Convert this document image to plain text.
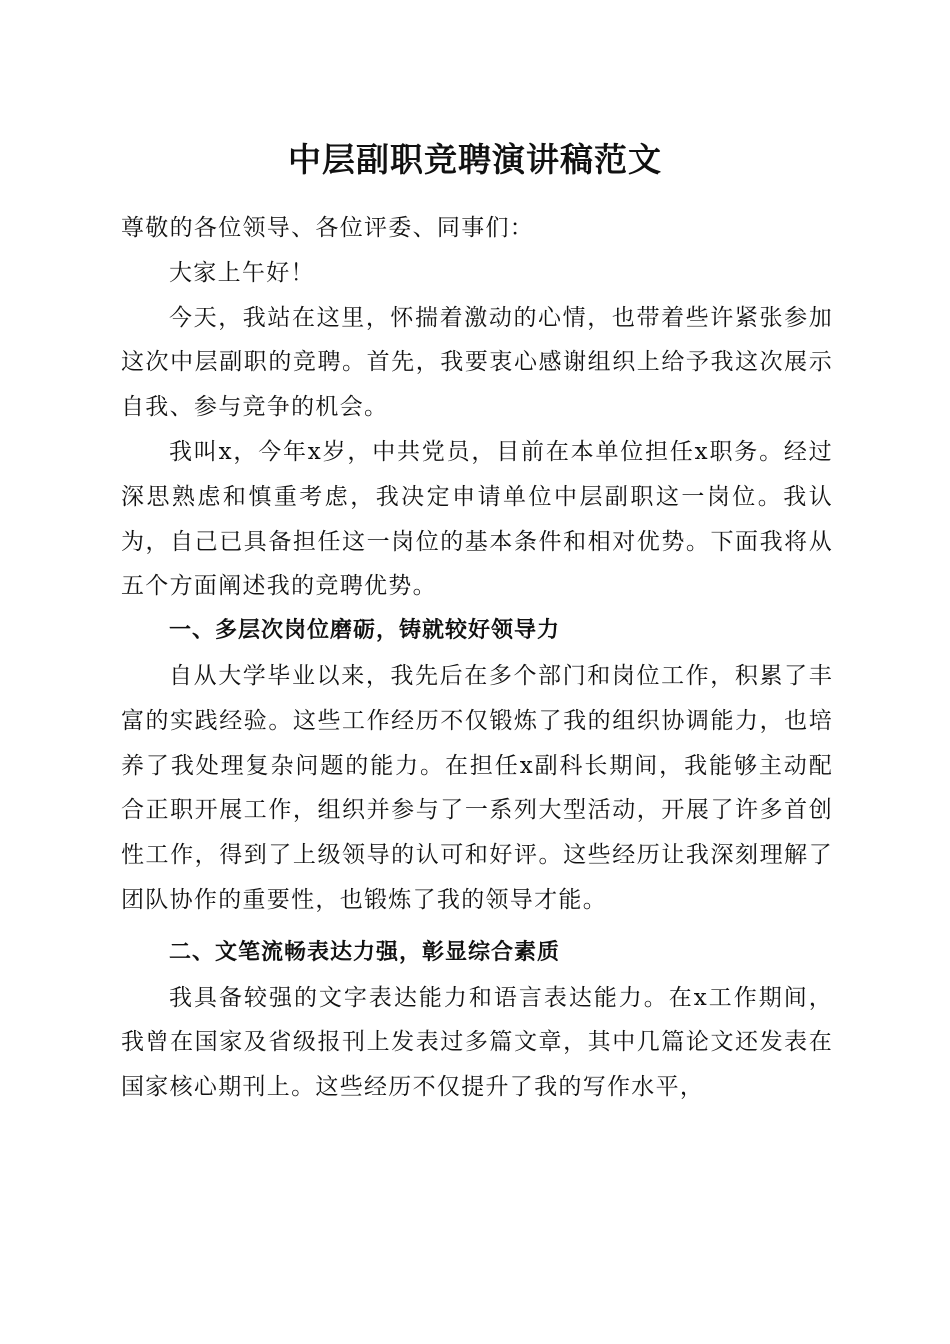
中层副职竞聘演讲稿范文

尊敬的各位领导、各位评委、同事们：

大家上午好！

今天，我站在这里，怀揣着激动的心情，也带着些许紧张参加这次中层副职的竞聘。首先，我要衷心感谢组织上给予我这次展示自我、参与竞争的机会。

我叫x，今年x岁，中共党员，目前在本单位担任x职务。经过深思熟虑和慎重考虑，我决定申请单位中层副职这一岗位。我认为，自己已具备担任这一岗位的基本条件和相对优势。下面我将从五个方面阐述我的竞聘优势。

一、多层次岗位磨砺，铸就较好领导力

自从大学毕业以来，我先后在多个部门和岗位工作，积累了丰富的实践经验。这些工作经历不仅锻炼了我的组织协调能力，也培养了我处理复杂问题的能力。在担任x副科长期间，我能够主动配合正职开展工作，组织并参与了一系列大型活动，开展了许多首创性工作，得到了上级领导的认可和好评。这些经历让我深刻理解了团队协作的重要性，也锻炼了我的领导才能。

二、文笔流畅表达力强，彰显综合素质

我具备较强的文字表达能力和语言表达能力。在x工作期间，我曾在国家及省级报刊上发表过多篇文章，其中几篇论文还发表在国家核心期刊上。这些经历不仅提升了我的写作水平，
